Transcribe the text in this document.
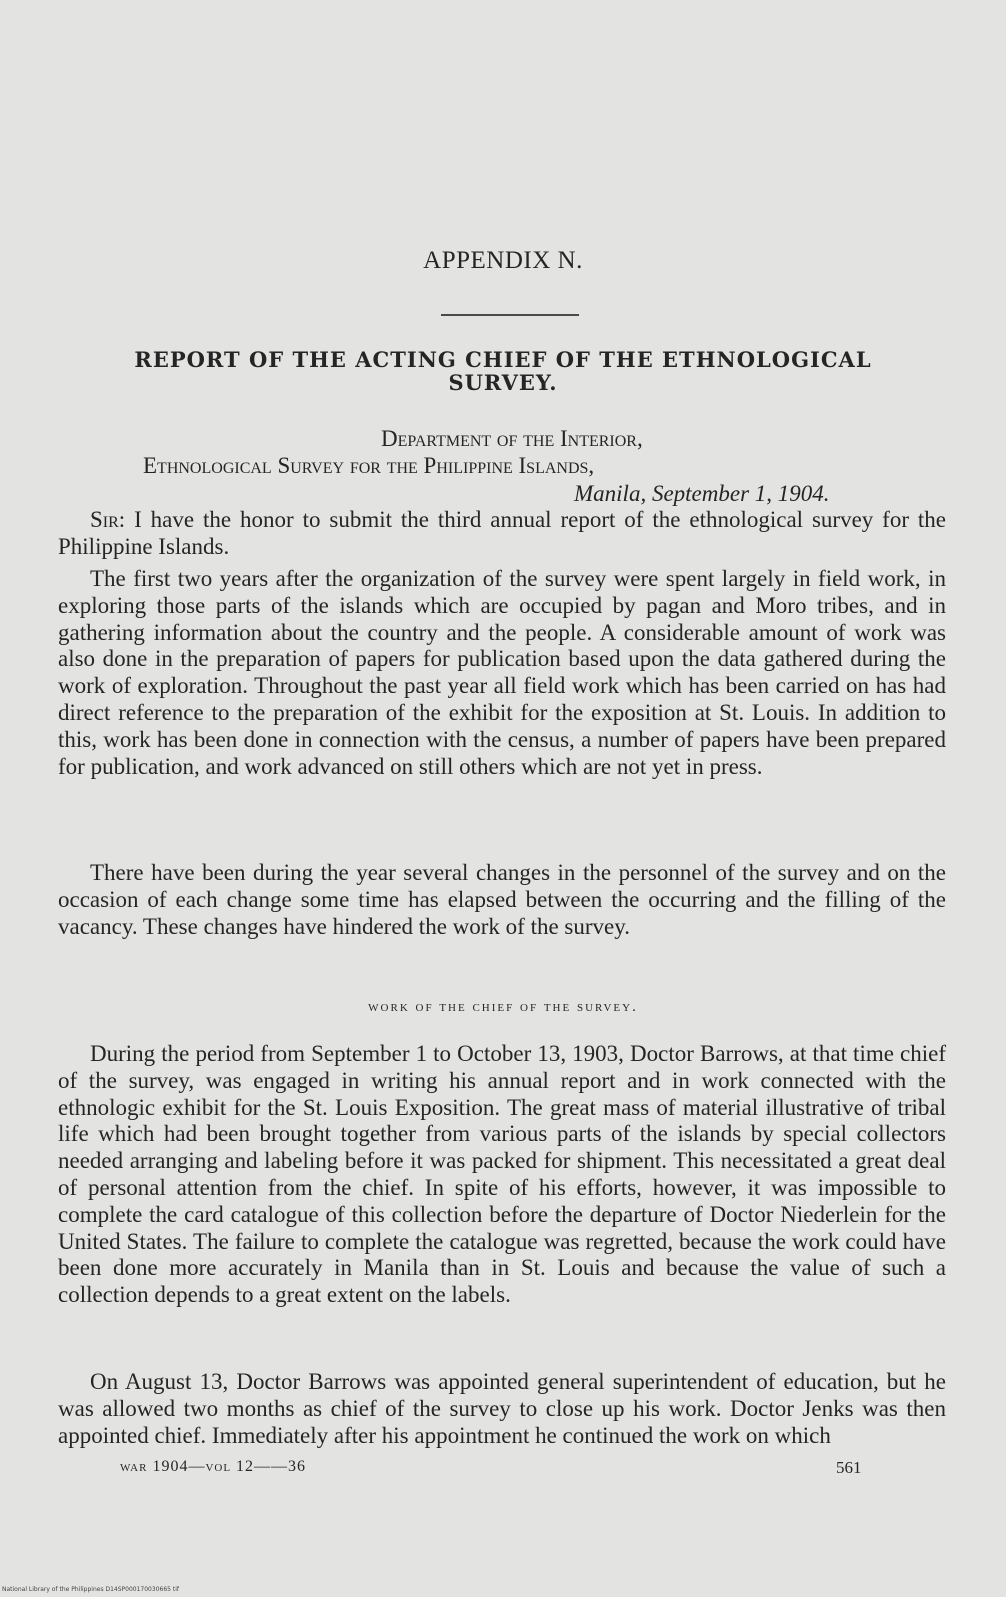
APPENDIX N.
REPORT OF THE ACTING CHIEF OF THE ETHNOLOGICAL SURVEY.
Department of the Interior,
Ethnological Survey for the Philippine Islands,
Manila, September 1, 1904.

Sir: I have the honor to submit the third annual report of the ethnological survey for the Philippine Islands.

The first two years after the organization of the survey were spent largely in field work, in exploring those parts of the islands which are occupied by pagan and Moro tribes, and in gathering information about the country and the people. A considerable amount of work was also done in the preparation of papers for publication based upon the data gathered during the work of exploration. Throughout the past year all field work which has been carried on has had direct reference to the preparation of the exhibit for the exposition at St. Louis. In addition to this, work has been done in connection with the census, a number of papers have been prepared for publication, and work advanced on still others which are not yet in press.

There have been during the year several changes in the personnel of the survey and on the occasion of each change some time has elapsed between the occurring and the filling of the vacancy. These changes have hindered the work of the survey.

work of the chief of the survey.

During the period from September 1 to October 13, 1903, Doctor Barrows, at that time chief of the survey, was engaged in writing his annual report and in work connected with the ethnologic exhibit for the St. Louis Exposition. The great mass of material illustrative of tribal life which had been brought together from various parts of the islands by special collectors needed arranging and labeling before it was packed for shipment. This necessitated a great deal of personal attention from the chief. In spite of his efforts, however, it was impossible to complete the card catalogue of this collection before the departure of Doctor Niederlein for the United States. The failure to complete the catalogue was regretted, because the work could have been done more accurately in Manila than in St. Louis and because the value of such a collection depends to a great extent on the labels.

On August 13, Doctor Barrows was appointed general superintendent of education, but he was allowed two months as chief of the survey to close up his work. Doctor Jenks was then appointed chief. Immediately after his appointment he continued the work on which

war 1904—vol 12——36	561
National Library of the Philippines D14SP000170030665 tif
